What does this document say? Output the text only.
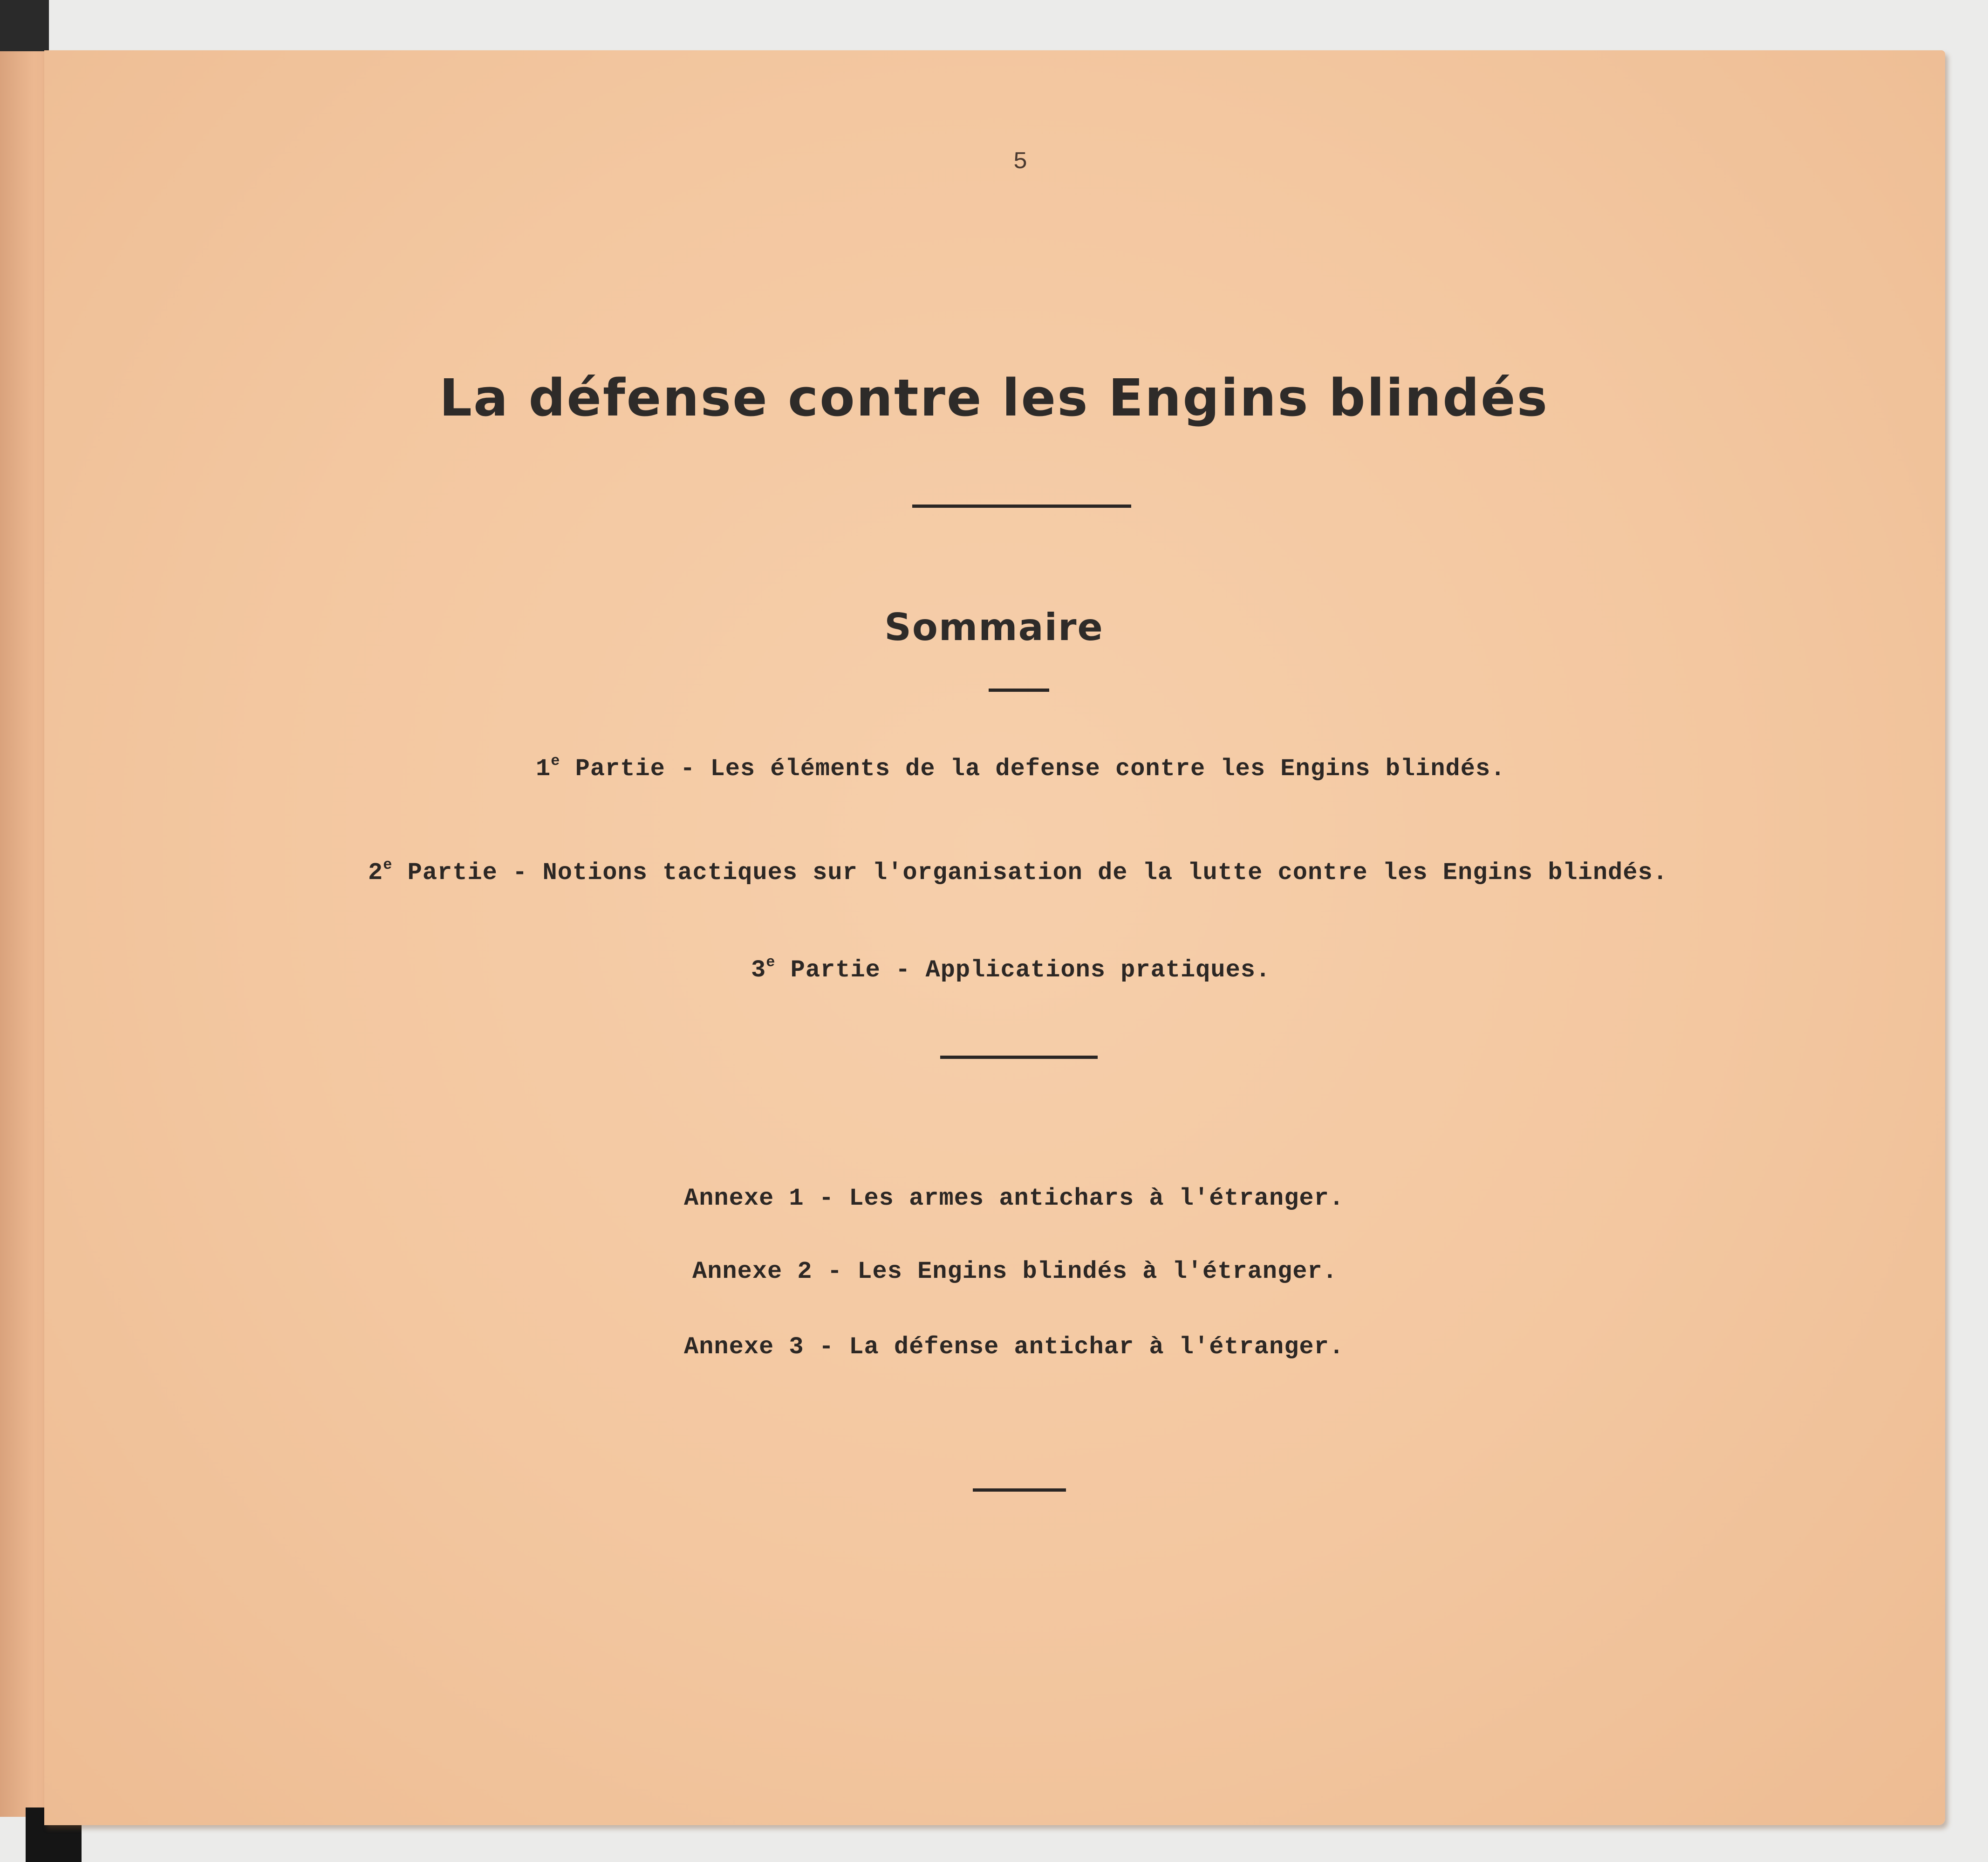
5
La défense contre les Engins blindés
Sommaire
1e Partie - Les éléments de la defense contre les Engins blindés.
2e Partie - Notions tactiques sur l'organisation de la lutte contre les Engins blindés.
3e Partie - Applications pratiques.
Annexe 1 - Les armes antichars à l'étranger.
Annexe 2 - Les Engins blindés à l'étranger.
Annexe 3 - La défense antichar à l'étranger.
